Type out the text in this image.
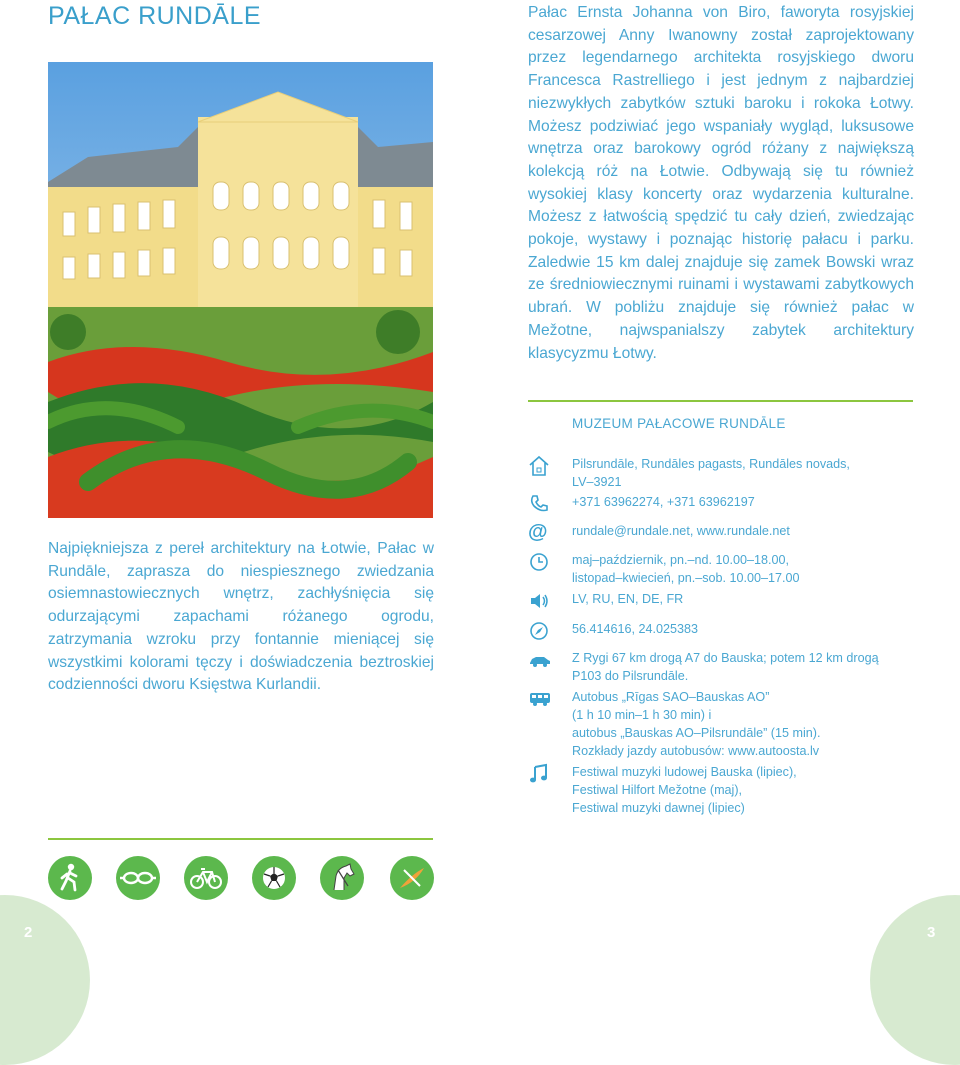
PAŁAC RUNDĀLE	Pałac Ernsta Johanna von Biro, faworyta rosyjskiej cesarzowej Anny Iwanowny został zaprojektowany przez legendarnego architekta rosyjskiego dworu Francesca Rastrelliego i jest jednym z najbardziej niezwykłych zabytków sztuki baroku i rokoka Łotwy. Możesz podziwiać jego wspaniały wygląd, luksusowe wnętrza oraz barokowy ogród różany z największą kolekcją róż na Łotwie. Odbywają się tu również wysokiej klasy koncerty oraz wydarzenia kulturalne. Możesz z łatwością spędzić tu cały dzień, zwiedzając pokoje, wystawy i poznając historię pałacu i parku. Zaledwie 15 km dalej znajduje się zamek Bowski wraz ze średniowiecznymi ruinami i wystawami zabytkowych ubrań. W pobliżu znajduje się również pałac w Mežotne, najwspanialszy zabytek architektury klasycyzmu Łotwy.

Najpiękniejsza z pereł architektury na Łotwie, Pałac w Rundāle, zaprasza do niespiesznego zwiedzania osiemnastowiecznych wnętrz, zachłyśnięcia się odurzającymi zapachami różanego ogrodu, zatrzymania wzroku przy fontannie mieniącej się wszystkimi kolorami tęczy i doświadczenia beztroskiej codzienności dworu Księstwa Kurlandii.

MUZEUM PAŁACOWE RUNDĀLE
Pilsrundāle, Rundāles pagasts, Rundāles novads,
LV–3921
+371 63962274, +371 63962197
@	rundale@rundale.net, www.rundale.net
maj–październik, pn.–nd. 10.00–18.00,
listopad–kwiecień, pn.–sob. 10.00–17.00
LV, RU, EN, DE, FR
56.414616, 24.025383
Z Rygi 67 km drogą A7 do Bauska; potem 12 km drogą
P103 do Pilsrundāle.
Autobus „Rīgas SAO–Bauskas AO”
(1 h 10 min–1 h 30 min) i
autobus „Bauskas AO–Pilsrundāle” (15 min).
Rozkłady jazdy autobusów: www.autoosta.lv
Festiwal muzyki ludowej Bauska (lipiec),
Festiwal Hilfort Mežotne (maj),
Festiwal muzyki dawnej (lipiec)
2	3
